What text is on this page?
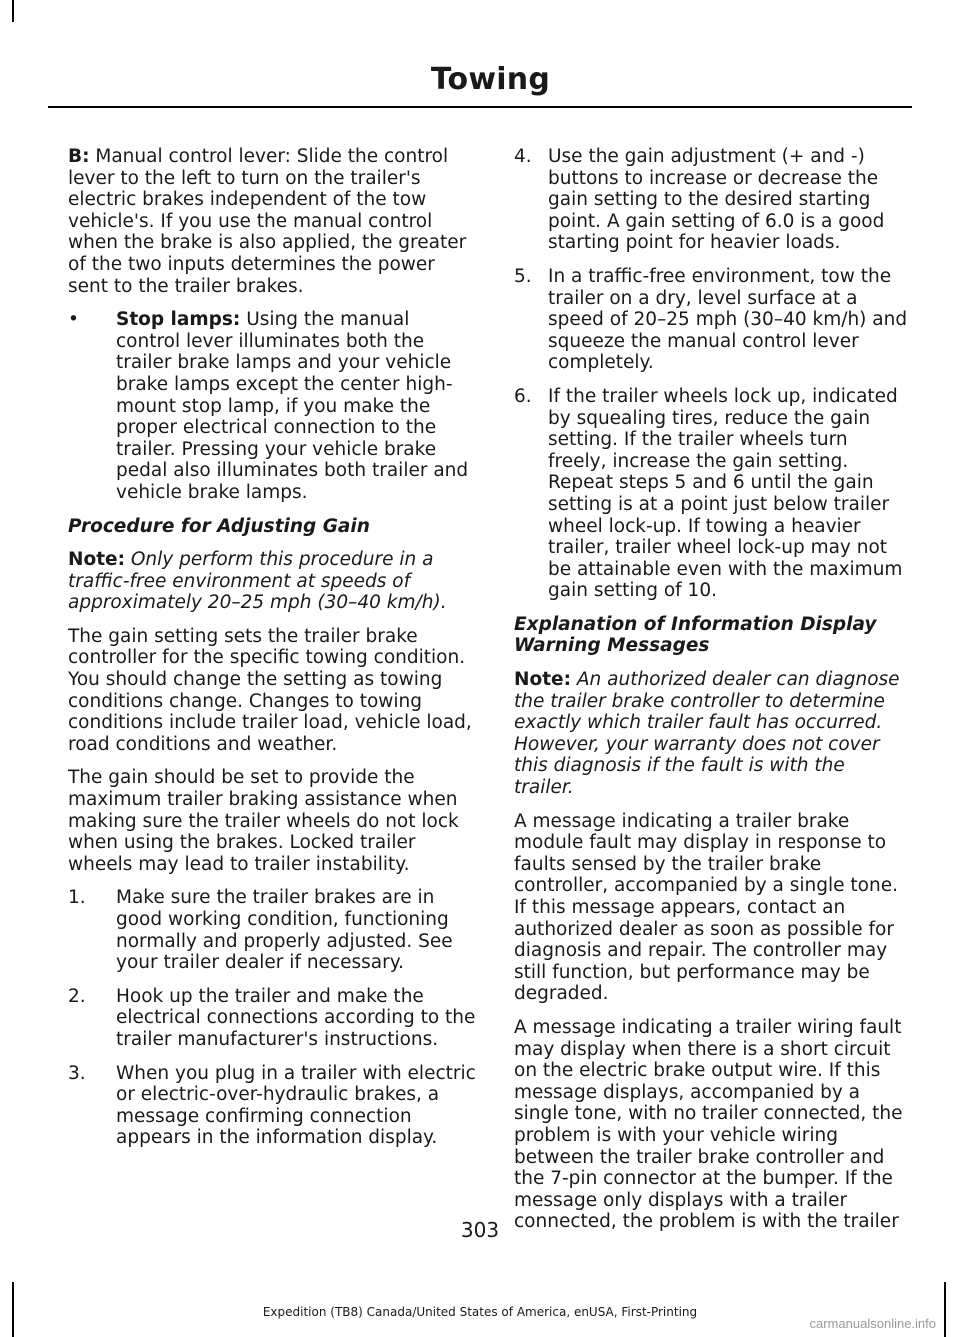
Towing

B: Manual control lever: Slide the control lever to the left to turn on the trailer's electric brakes independent of the tow vehicle's. If you use the manual control when the brake is also applied, the greater of the two inputs determines the power sent to the trailer brakes.

•	Stop lamps: Using the manual control lever illuminates both the trailer brake lamps and your vehicle brake lamps except the center high-mount stop lamp, if you make the proper electrical connection to the trailer. Pressing your vehicle brake pedal also illuminates both trailer and vehicle brake lamps.
Procedure for Adjusting Gain

Note: Only perform this procedure in a traffic-free environment at speeds of approximately 20–25 mph (30–40 km/h).

The gain setting sets the trailer brake controller for the specific towing condition. You should change the setting as towing conditions change. Changes to towing conditions include trailer load, vehicle load, road conditions and weather.

The gain should be set to provide the maximum trailer braking assistance when making sure the trailer wheels do not lock when using the brakes. Locked trailer wheels may lead to trailer instability.

1.	Make sure the trailer brakes are in good working condition, functioning normally and properly adjusted. See your trailer dealer if necessary.
2.	Hook up the trailer and make the electrical connections according to the trailer manufacturer's instructions.
3.	When you plug in a trailer with electric or electric-over-hydraulic brakes, a message confirming connection appears in the information display.
4. Use the gain adjustment (+ and -) buttons to increase or decrease the gain setting to the desired starting point. A gain setting of 6.0 is a good starting point for heavier loads.
5. In a traffic-free environment, tow the trailer on a dry, level surface at a speed of 20–25 mph (30–40 km/h) and squeeze the manual control lever completely.
6. If the trailer wheels lock up, indicated by squealing tires, reduce the gain setting. If the trailer wheels turn freely, increase the gain setting. Repeat steps 5 and 6 until the gain setting is at a point just below trailer wheel lock-up. If towing a heavier trailer, trailer wheel lock-up may not be attainable even with the maximum gain setting of 10.
Explanation of Information Display Warning Messages

Note: An authorized dealer can diagnose the trailer brake controller to determine exactly which trailer fault has occurred. However, your warranty does not cover this diagnosis if the fault is with the trailer.

A message indicating a trailer brake module fault may display in response to faults sensed by the trailer brake controller, accompanied by a single tone. If this message appears, contact an authorized dealer as soon as possible for diagnosis and repair. The controller may still function, but performance may be degraded.

A message indicating a trailer wiring fault may display when there is a short circuit on the electric brake output wire. If this message displays, accompanied by a single tone, with no trailer connected, the problem is with your vehicle wiring between the trailer brake controller and the 7-pin connector at the bumper. If the message only displays with a trailer connected, the problem is with the trailer

303
Expedition (TB8) Canada/United States of America, enUSA, First-Printing
carmanualsonline.info
